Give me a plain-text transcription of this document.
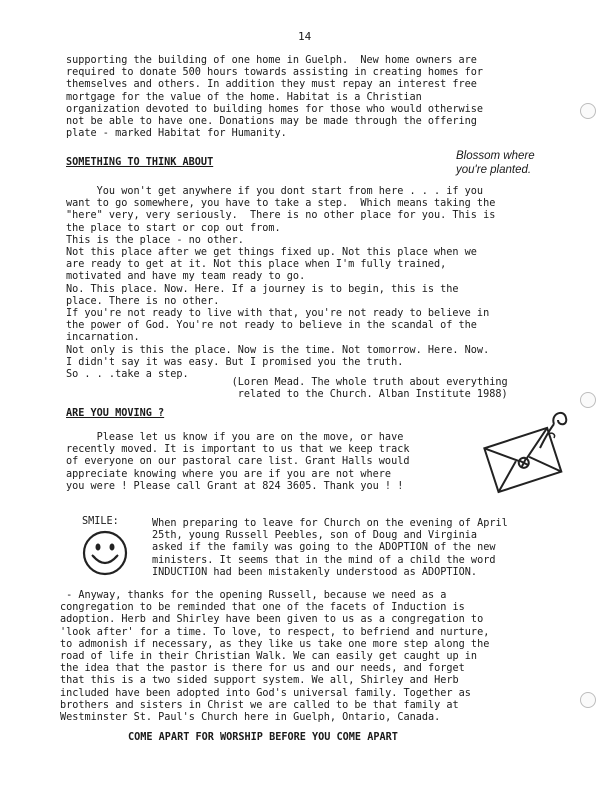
14
supporting the building of one home in Guelph.  New home owners are
required to donate 500 hours towards assisting in creating homes for
themselves and others. In addition they must repay an interest free
mortgage for the value of the home. Habitat is a Christian
organization devoted to building homes for those who would otherwise
not be able to have one. Donations may be made through the offering
plate - marked Habitat for Humanity.
SOMETHING TO THINK ABOUT
Blossom where
you're planted.
You won't get anywhere if you dont start from here . . . if you
want to go somewhere, you have to take a step.  Which means taking the
"here" very, very seriously.  There is no other place for you. This is
the place to start or cop out from.
This is the place - no other.
Not this place after we get things fixed up. Not this place when we
are ready to get at it. Not this place when I'm fully trained,
motivated and have my team ready to go.
No. This place. Now. Here. If a journey is to begin, this is the
place. There is no other.
If you're not ready to live with that, you're not ready to believe in
the power of God. You're not ready to believe in the scandal of the
incarnation.
Not only is this the place. Now is the time. Not tomorrow. Here. Now.
I didn't say it was easy. But I promised you the truth.
So . . .take a step.
(Loren Mead. The whole truth about everything
related to the Church. Alban Institute 1988)
ARE YOU MOVING ?
Please let us know if you are on the move, or have
recently moved. It is important to us that we keep track
of everyone on our pastoral care list. Grant Halls would
appreciate knowing where you are if you are not where
you were ! Please call Grant at 824 3605. Thank you ! !
SMILE:	When preparing to leave for Church on the evening of April
25th, young Russell Peebles, son of Doug and Virginia
asked if the family was going to the ADOPTION of the new
ministers. It seems that in the mind of a child the word
INDUCTION had been mistakenly understood as ADOPTION.
- Anyway, thanks for the opening Russell, because we need as a
congregation to be reminded that one of the facets of Induction is
adoption. Herb and Shirley have been given to us as a congregation to
'look after' for a time. To love, to respect, to befriend and nurture,
to admonish if necessary, as they like us take one more step along the
road of life in their Christian Walk. We can easily get caught up in
the idea that the pastor is there for us and our needs, and forget
that this is a two sided support system. We all, Shirley and Herb
included have been adopted into God's universal family. Together as
brothers and sisters in Christ we are called to be that family at
Westminster St. Paul's Church here in Guelph, Ontario, Canada.
COME APART FOR WORSHIP BEFORE YOU COME APART
